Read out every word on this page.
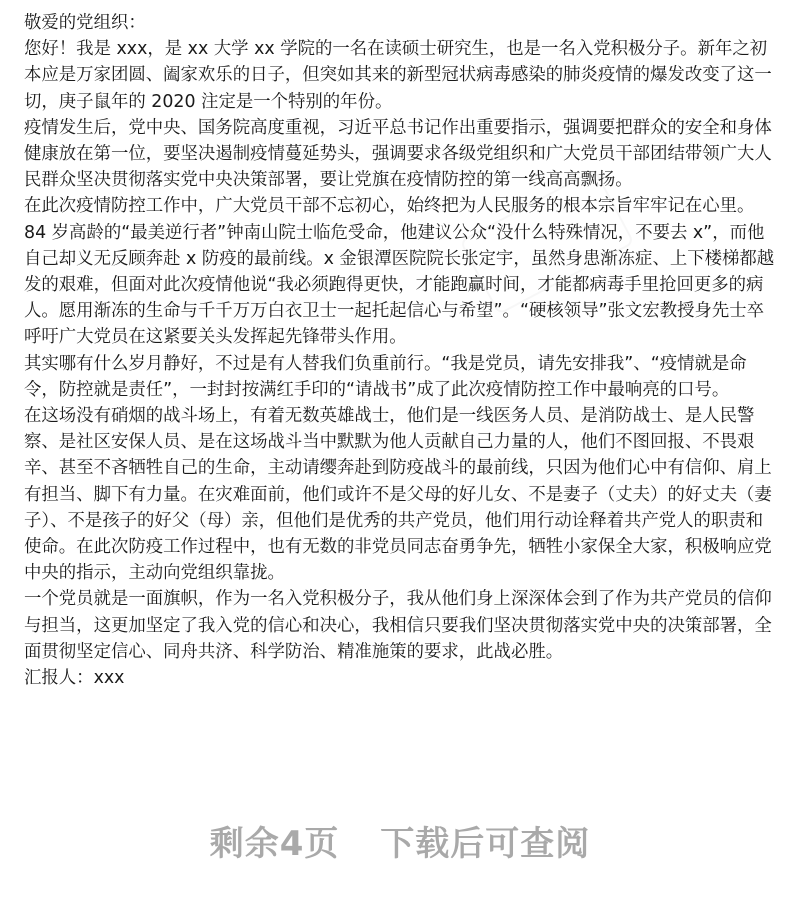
敬爱的党组织：

您好！我是 xxx，是 xx 大学 xx 学院的一名在读硕士研究生，也是一名入党积极分子。新年之初本应是万家团圆、阖家欢乐的日子，但突如其来的新型冠状病毒感染的肺炎疫情的爆发改变了这一切，庚子鼠年的 2020 注定是一个特别的年份。

疫情发生后，党中央、国务院高度重视，习近平总书记作出重要指示，强调要把群众的安全和身体健康放在第一位，要坚决遏制疫情蔓延势头，强调要求各级党组织和广大党员干部团结带领广大人民群众坚决贯彻落实党中央决策部署，要让党旗在疫情防控的第一线高高飘扬。

在此次疫情防控工作中，广大党员干部不忘初心，始终把为人民服务的根本宗旨牢牢记在心里。84 岁高龄的“最美逆行者”钟南山院士临危受命，他建议公众“没什么特殊情况，不要去 x”，而他自己却义无反顾奔赴 x 防疫的最前线。x 金银潭医院院长张定宇，虽然身患渐冻症、上下楼梯都越发的艰难，但面对此次疫情他说“我必须跑得更快，才能跑赢时间，才能都病毒手里抢回更多的病人。愿用渐冻的生命与千千万万白衣卫士一起托起信心与希望”。“硬核领导”张文宏教授身先士卒呼吁广大党员在这紧要关头发挥起先锋带头作用。

其实哪有什么岁月静好，不过是有人替我们负重前行。“我是党员，请先安排我”、“疫情就是命令，防控就是责任”，一封封按满红手印的“请战书”成了此次疫情防控工作中最响亮的口号。

在这场没有硝烟的战斗场上，有着无数英雄战士，他们是一线医务人员、是消防战士、是人民警察、是社区安保人员、是在这场战斗当中默默为他人贡献自己力量的人，他们不图回报、不畏艰辛、甚至不吝牺牲自己的生命，主动请缨奔赴到防疫战斗的最前线，只因为他们心中有信仰、肩上有担当、脚下有力量。在灾难面前，他们或许不是父母的好儿女、不是妻子（丈夫）的好丈夫（妻子）、不是孩子的好父（母）亲，但他们是优秀的共产党员，他们用行动诠释着共产党人的职责和使命。在此次防疫工作过程中，也有无数的非党员同志奋勇争先，牺牲小家保全大家，积极响应党中央的指示，主动向党组织靠拢。

一个党员就是一面旗帜，作为一名入党积极分子，我从他们身上深深体会到了作为共产党员的信仰与担当，这更加坚定了我入党的信心和决心，我相信只要我们坚决贯彻落实党中央的决策部署，全面贯彻坚定信心、同舟共济、科学防治、精准施策的要求，此战必胜。

汇报人：xxx

剩余4页 下载后可查阅
